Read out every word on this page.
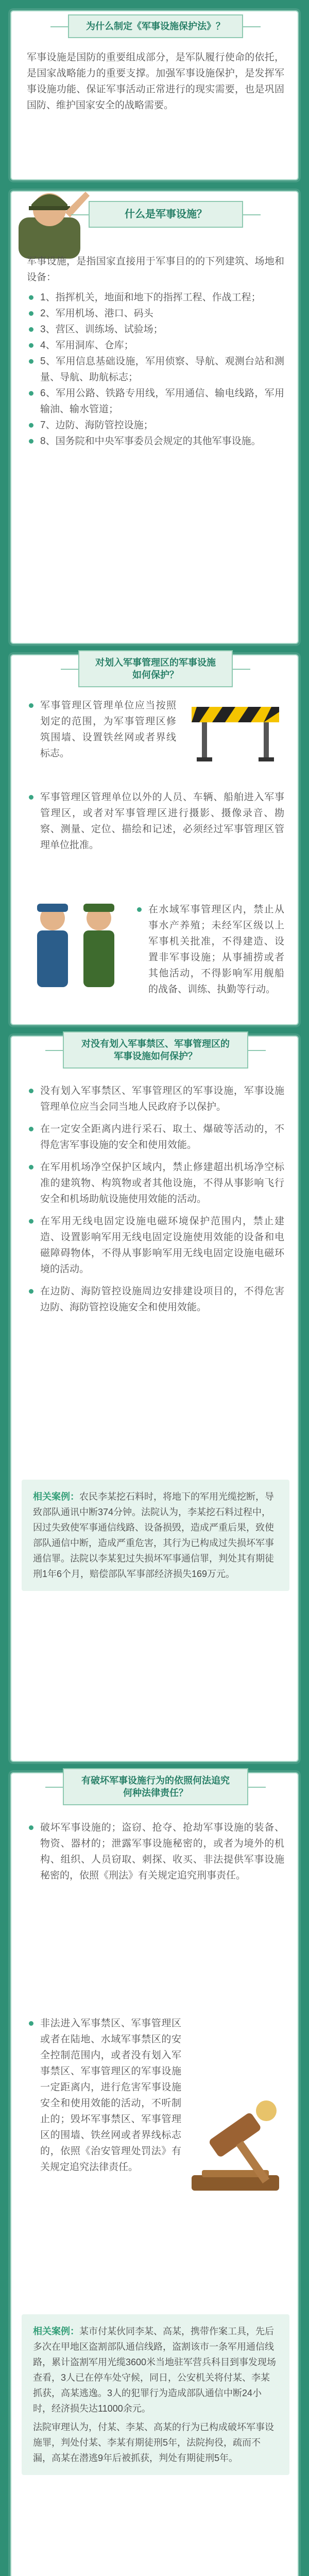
为什么制定《军事设施保护法》？
军事设施是国防的重要组成部分，是军队履行使命的依托，是国家战略能力的重要支撑。加强军事设施保护，是发挥军事设施功能、保证军事活动正常进行的现实需要，也是巩固国防、维护国家安全的战略需要。
什么是军事设施？
军事设施，是指国家直接用于军事目的的下列建筑、场地和设备：
1、指挥机关，地面和地下的指挥工程、作战工程；
2、军用机场、港口、码头
3、营区、训练场、试验场；
4、军用洞库、仓库；
5、军用信息基础设施，军用侦察、导航、观测台站和测量、导航、助航标志；
6、军用公路、铁路专用线，军用通信、输电线路，军用输油、输水管道；
7、边防、海防管控设施；
8、国务院和中央军事委员会规定的其他军事设施。
对划入军事管理区的军事设施如何保护？
军事管理区管理单位应当按照划定的范围，为军事管理区修筑围墙、设置铁丝网或者界线标志。
军事管理区管理单位以外的人员、车辆、船舶进入军事管理区，或者对军事管理区进行摄影、摄像录音、勘察、测量、定位、描绘和记述，必须经过军事管理区管理单位批准。
在水域军事管理区内，禁止从事水产养殖；未经军区级以上军事机关批准，不得建造、设置非军事设施；从事捕捞或者其他活动，不得影响军用舰船的战备、训练、执勤等行动。
对没有划入军事禁区、军事管理区的军事设施如何保护？
没有划入军事禁区、军事管理区的军事设施，军事设施管理单位应当会同当地人民政府予以保护。
在一定安全距离内进行采石、取土、爆破等活动的，不得危害军事设施的安全和使用效能。
在军用机场净空保护区域内，禁止修建超出机场净空标准的建筑物、构筑物或者其他设施，不得从事影响飞行安全和机场助航设施使用效能的活动。
在军用无线电固定设施电磁环境保护范围内，禁止建造、设置影响军用无线电固定设施使用效能的设备和电磁障碍物体，不得从事影响军用无线电固定设施电磁环境的活动。
在边防、海防管控设施周边安排建设项目的，不得危害边防、海防管控设施安全和使用效能。
相关案例：农民李某挖石料时，将地下的军用光缆挖断，导致部队通讯中断374分钟。法院认为，李某挖石料过程中，因过失致使军事通信线路、设备损毁，造成严重后果，致使部队通信中断，造成严重危害，其行为已构成过失损坏军事通信罪。法院以李某犯过失损坏军事通信罪，判处其有期徒刑1年6个月，赔偿部队军事部经济损失169万元。
有破坏军事设施行为的依照何法追究何种法律责任？
破坏军事设施的；盗窃、抢夺、抢劫军事设施的装备、物资、器材的；泄露军事设施秘密的，或者为境外的机构、组织、人员窃取、刺探、收买、非法提供军事设施秘密的，依照《刑法》有关规定追究刑事责任。
非法进入军事禁区、军事管理区或者在陆地、水域军事禁区的安全控制范围内，或者没有划入军事禁区、军事管理区的军事设施一定距离内，进行危害军事设施安全和使用效能的活动，不听制止的；毁坏军事禁区、军事管理区的围墙、铁丝网或者界线标志的，依照《治安管理处罚法》有关规定追究法律责任。

相关案例：某市付某伙同李某、高某，携带作案工具，先后多次在甲地区盗割部队通信线路，盗割该市一条军用通信线路，累计盗割军用光缆3600米当地驻军营兵科目到事发现场查看，3人已在停车处守候，同日，公安机关将付某、李某抓获，高某逃逸。3人的犯罪行为造成部队通信中断24小时，经济损失达11000余元。

法院审理认为，付某、李某、高某的行为已构成破坏军事设施罪，判处付某、李某有期徒刑5年，法院拘役，疏而不漏，高某在潜逃9年后被抓获，判处有期徒刑5年。
